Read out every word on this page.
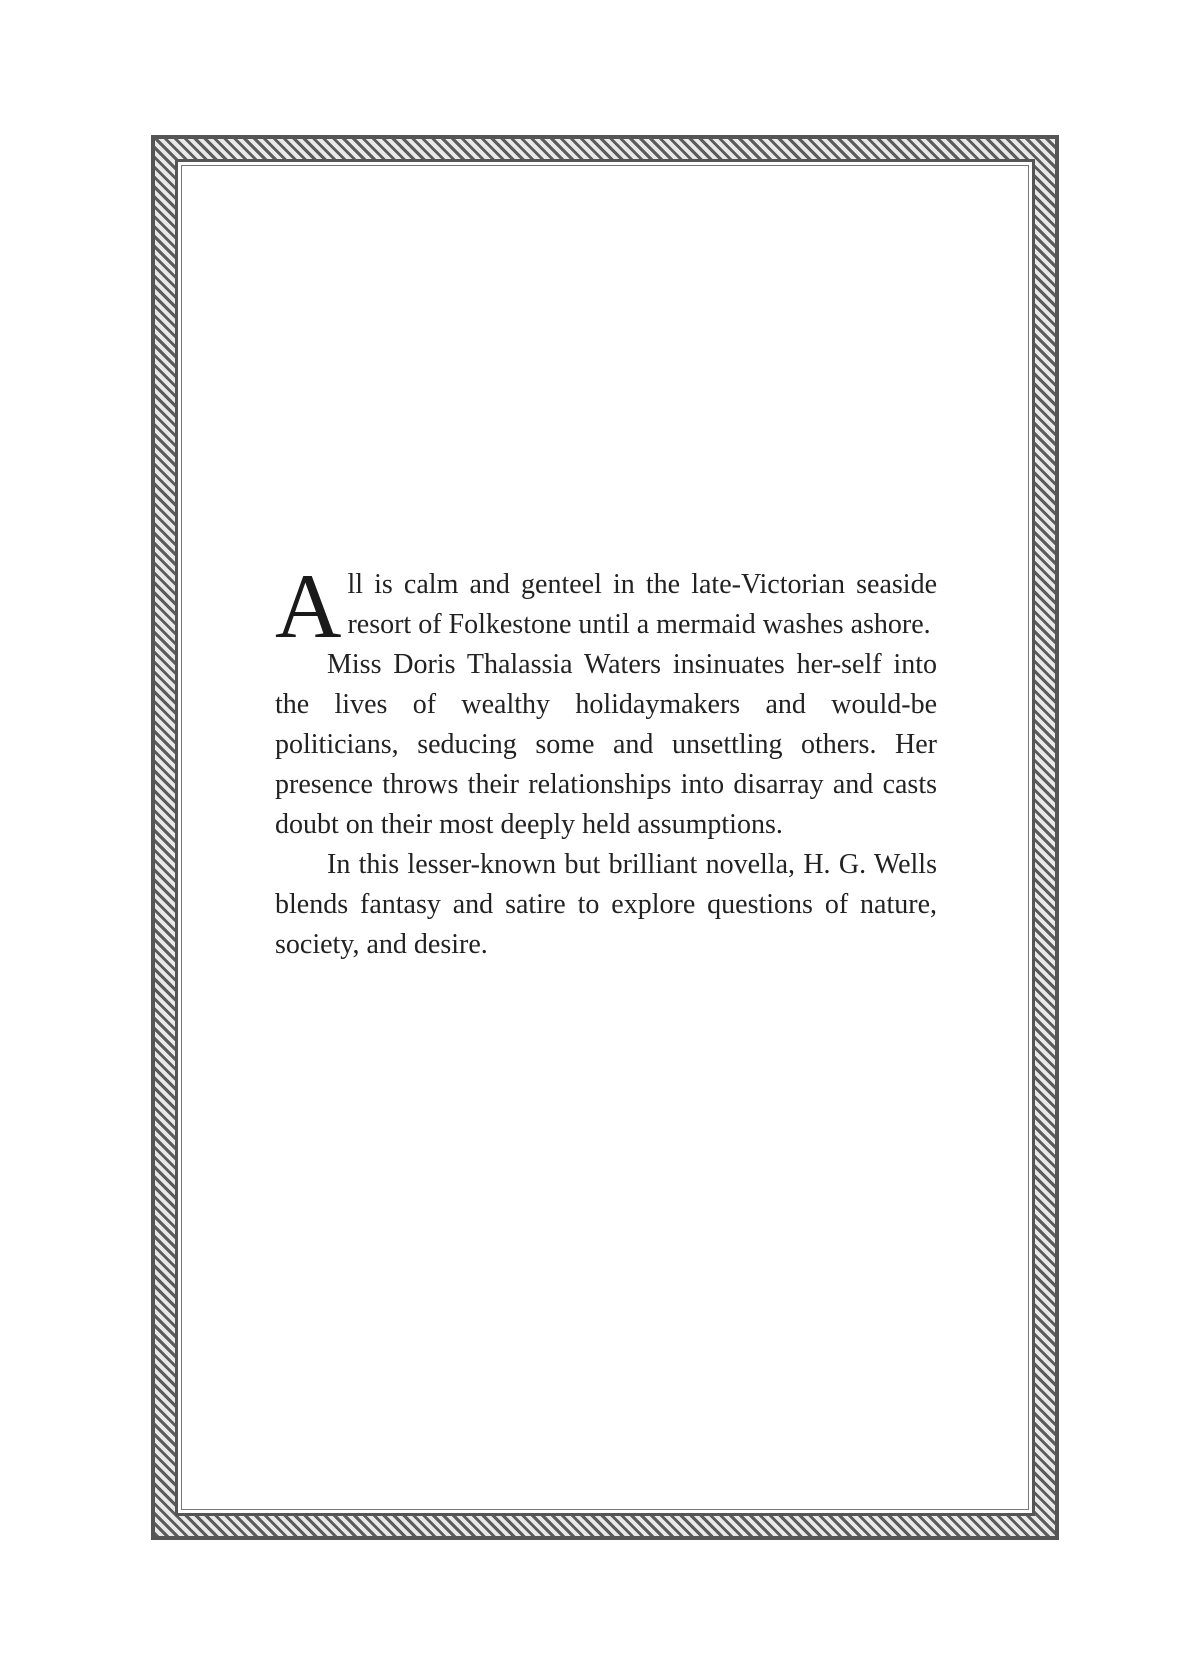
All is calm and genteel in the late-Victorian seaside resort of Folkestone until a mermaid washes ashore.

Miss Doris Thalassia Waters insinuates her-self into the lives of wealthy holidaymakers and would-be politicians, seducing some and unsettling others. Her presence throws their relationships into disarray and casts doubt on their most deeply held assumptions.

In this lesser-known but brilliant novella, H. G. Wells blends fantasy and satire to explore questions of nature, society, and desire.
